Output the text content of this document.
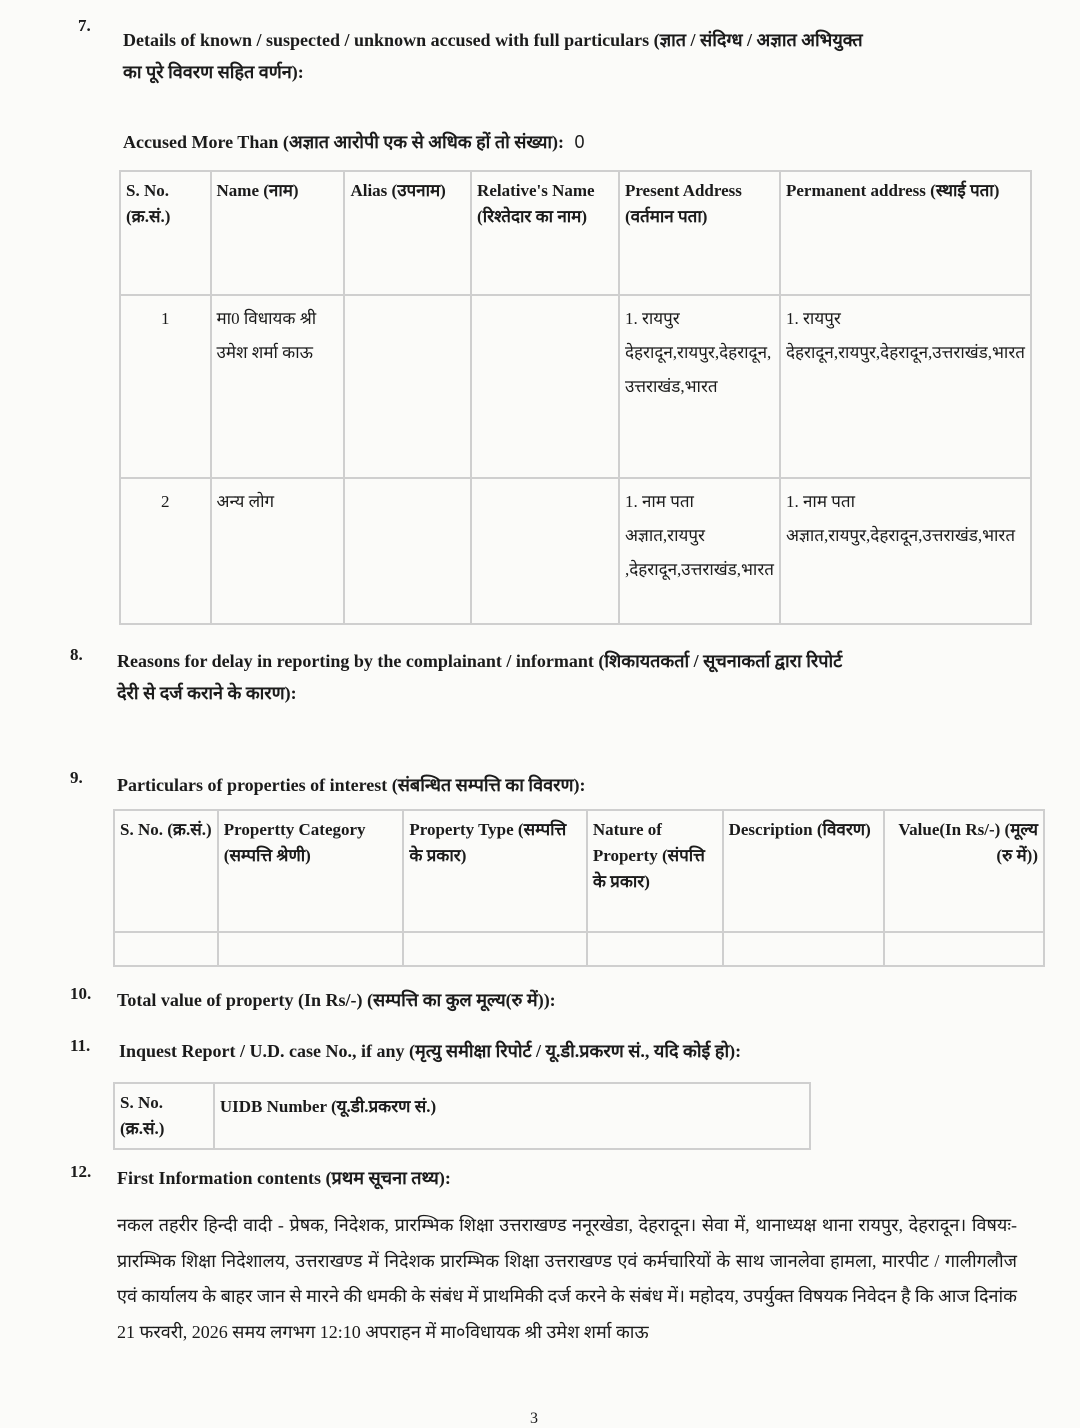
7.
Details of known / suspected / unknown accused with full particulars (ज्ञात / संदिग्ध / अज्ञात अभियुक्त
का पूरे विवरण सहित वर्णन):
Accused More Than (अज्ञात आरोपी एक से अधिक हों तो संख्या): 0
S. No. (क्र.सं.)	Name (नाम)	Alias (उपनाम)	Relative's Name (रिश्तेदार का नाम)	Present Address (वर्तमान पता)	Permanent address (स्थाई पता)
1	मा0 विधायक श्री उमेश शर्मा काऊ			1. रायपुर देहरादून,रायपुर,देहरादून, उत्तराखंड,भारत	1. रायपुर देहरादून,रायपुर,देहरादून,उत्तराखंड,भारत
2	अन्य लोग			1. नाम पता अज्ञात,रायपुर ,देहरादून,उत्तराखंड,भारत	1. नाम पता अज्ञात,रायपुर,देहरादून,उत्तराखंड,भारत
8. Reasons for delay in reporting by the complainant / informant (शिकायतकर्ता / सूचनाकर्ता द्वारा रिपोर्ट
देरी से दर्ज कराने के कारण):
9. Particulars of properties of interest (संबन्धित सम्पत्ति का विवरण):
S. No. (क्र.सं.)	Propertty Category (सम्पत्ति श्रेणी)	Property Type (सम्पत्ति के प्रकार)	Nature of Property (संपत्ति के प्रकार)	Description (विवरण)	Value(In Rs/-) (मूल्य (रु में))

10. Total value of property (In Rs/-) (सम्पत्ति का कुल मूल्य(रु में)):
11. Inquest Report / U.D. case No., if any (मृत्यु समीक्षा रिपोर्ट / यू.डी.प्रकरण सं., यदि कोई हो):
S. No. (क्र.सं.)	UIDB Number (यू.डी.प्रकरण सं.)
12. First Information contents (प्रथम सूचना तथ्य):
नकल तहरीर हिन्दी वादी - प्रेषक, निदेशक, प्रारम्भिक शिक्षा उत्तराखण्ड ननूरखेडा, देहरादून। सेवा में, थानाध्यक्ष थाना रायपुर, देहरादून। विषयः- प्रारम्भिक शिक्षा निदेशालय, उत्तराखण्ड में निदेशक प्रारम्भिक शिक्षा उत्तराखण्ड एवं कर्मचारियों के साथ जानलेवा हामला, मारपीट / गालीगलौज एवं कार्यालय के बाहर जान से मारने की धमकी के संबंध में प्राथमिकी दर्ज करने के संबंध में। महोदय, उपर्युक्त विषयक निवेदन है कि आज दिनांक 21 फरवरी, 2026 समय लगभग 12:10 अपराहन में मा०विधायक श्री उमेश शर्मा काऊ
3
